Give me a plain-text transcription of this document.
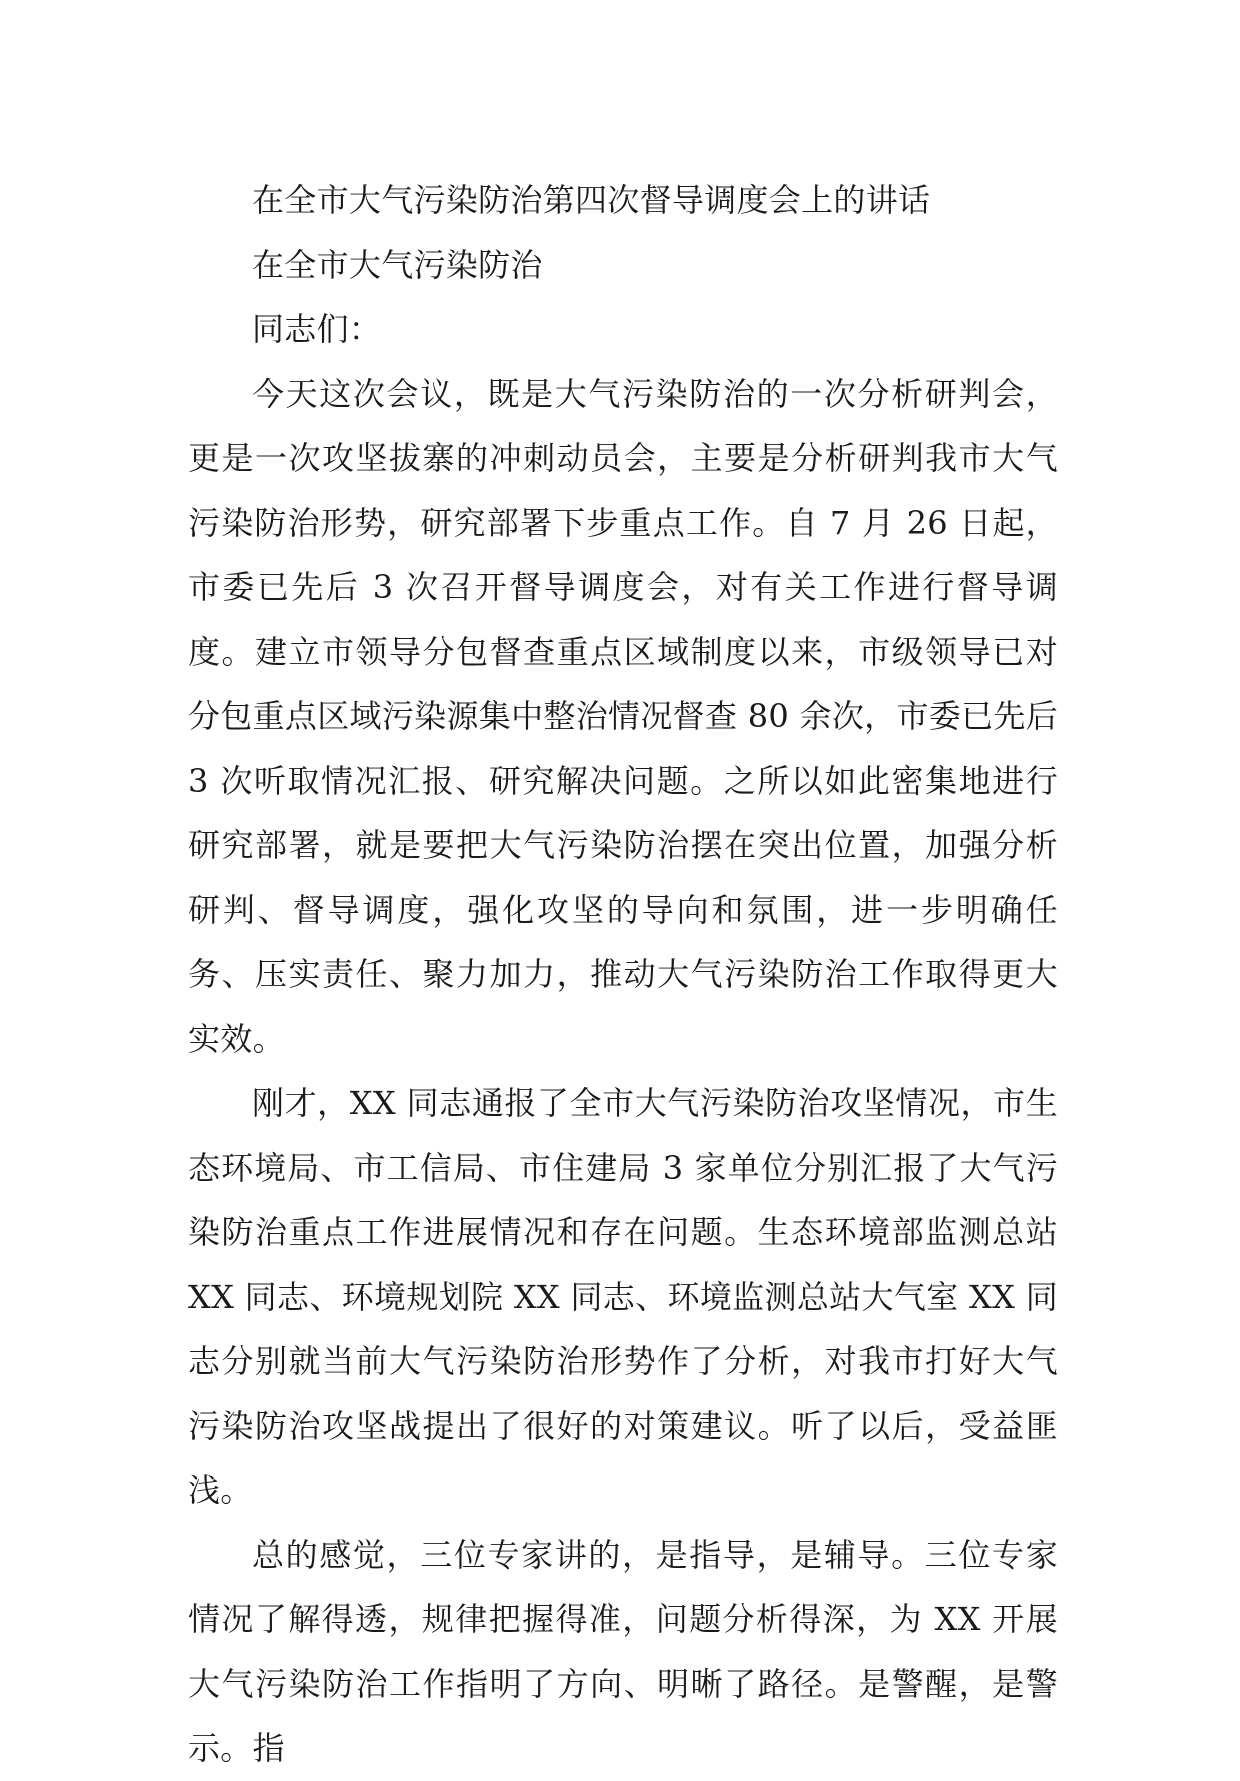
在全市大气污染防治第四次督导调度会上的讲话

在全市大气污染防治

同志们：

今天这次会议，既是大气污染防治的一次分析研判会，更是一次攻坚拔寨的冲刺动员会，主要是分析研判我市大气污染防治形势，研究部署下步重点工作。自 7 月 26 日起，市委已先后 3 次召开督导调度会，对有关工作进行督导调度。建立市领导分包督查重点区域制度以来，市级领导已对分包重点区域污染源集中整治情况督查 80 余次，市委已先后 3 次听取情况汇报、研究解决问题。之所以如此密集地进行研究部署，就是要把大气污染防治摆在突出位置，加强分析研判、督导调度，强化攻坚的导向和氛围，进一步明确任务、压实责任、聚力加力，推动大气污染防治工作取得更大实效。

刚才，XX 同志通报了全市大气污染防治攻坚情况，市生态环境局、市工信局、市住建局 3 家单位分别汇报了大气污染防治重点工作进展情况和存在问题。生态环境部监测总站 XX 同志、环境规划院 XX 同志、环境监测总站大气室 XX 同志分别就当前大气污染防治形势作了分析，对我市打好大气污染防治攻坚战提出了很好的对策建议。听了以后，受益匪浅。

总的感觉，三位专家讲的，是指导，是辅导。三位专家情况了解得透，规律把握得准，问题分析得深，为 XX 开展大气污染防治工作指明了方向、明晰了路径。是警醒，是警示。指
